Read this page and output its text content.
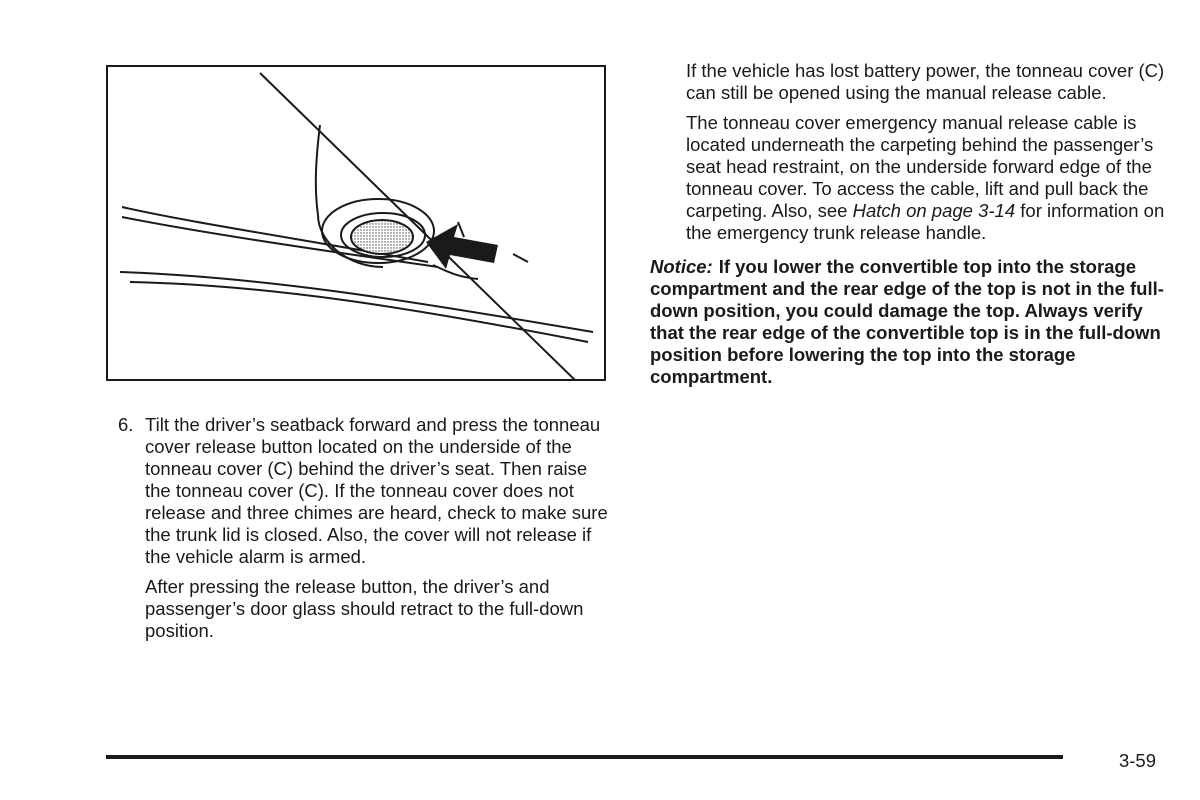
6. Tilt the driver’s seatback forward and press the tonneau cover release button located on the underside of the tonneau cover (C) behind the driver’s seat. Then raise the tonneau cover (C). If the tonneau cover does not release and three chimes are heard, check to make sure the trunk lid is closed. Also, the cover will not release if the vehicle alarm is armed.
After pressing the release button, the driver’s and passenger’s door glass should retract to the full-down position.
If the vehicle has lost battery power, the tonneau cover (C) can still be opened using the manual release cable.
The tonneau cover emergency manual release cable is located underneath the carpeting behind the passenger’s seat head restraint, on the underside forward edge of the tonneau cover. To access the cable, lift and pull back the carpeting. Also, see Hatch on page 3-14 for information on the emergency trunk release handle.
Notice: If you lower the convertible top into the storage compartment and the rear edge of the top is not in the full-down position, you could damage the top. Always verify that the rear edge of the convertible top is in the full-down position before lowering the top into the storage compartment.
3-59
